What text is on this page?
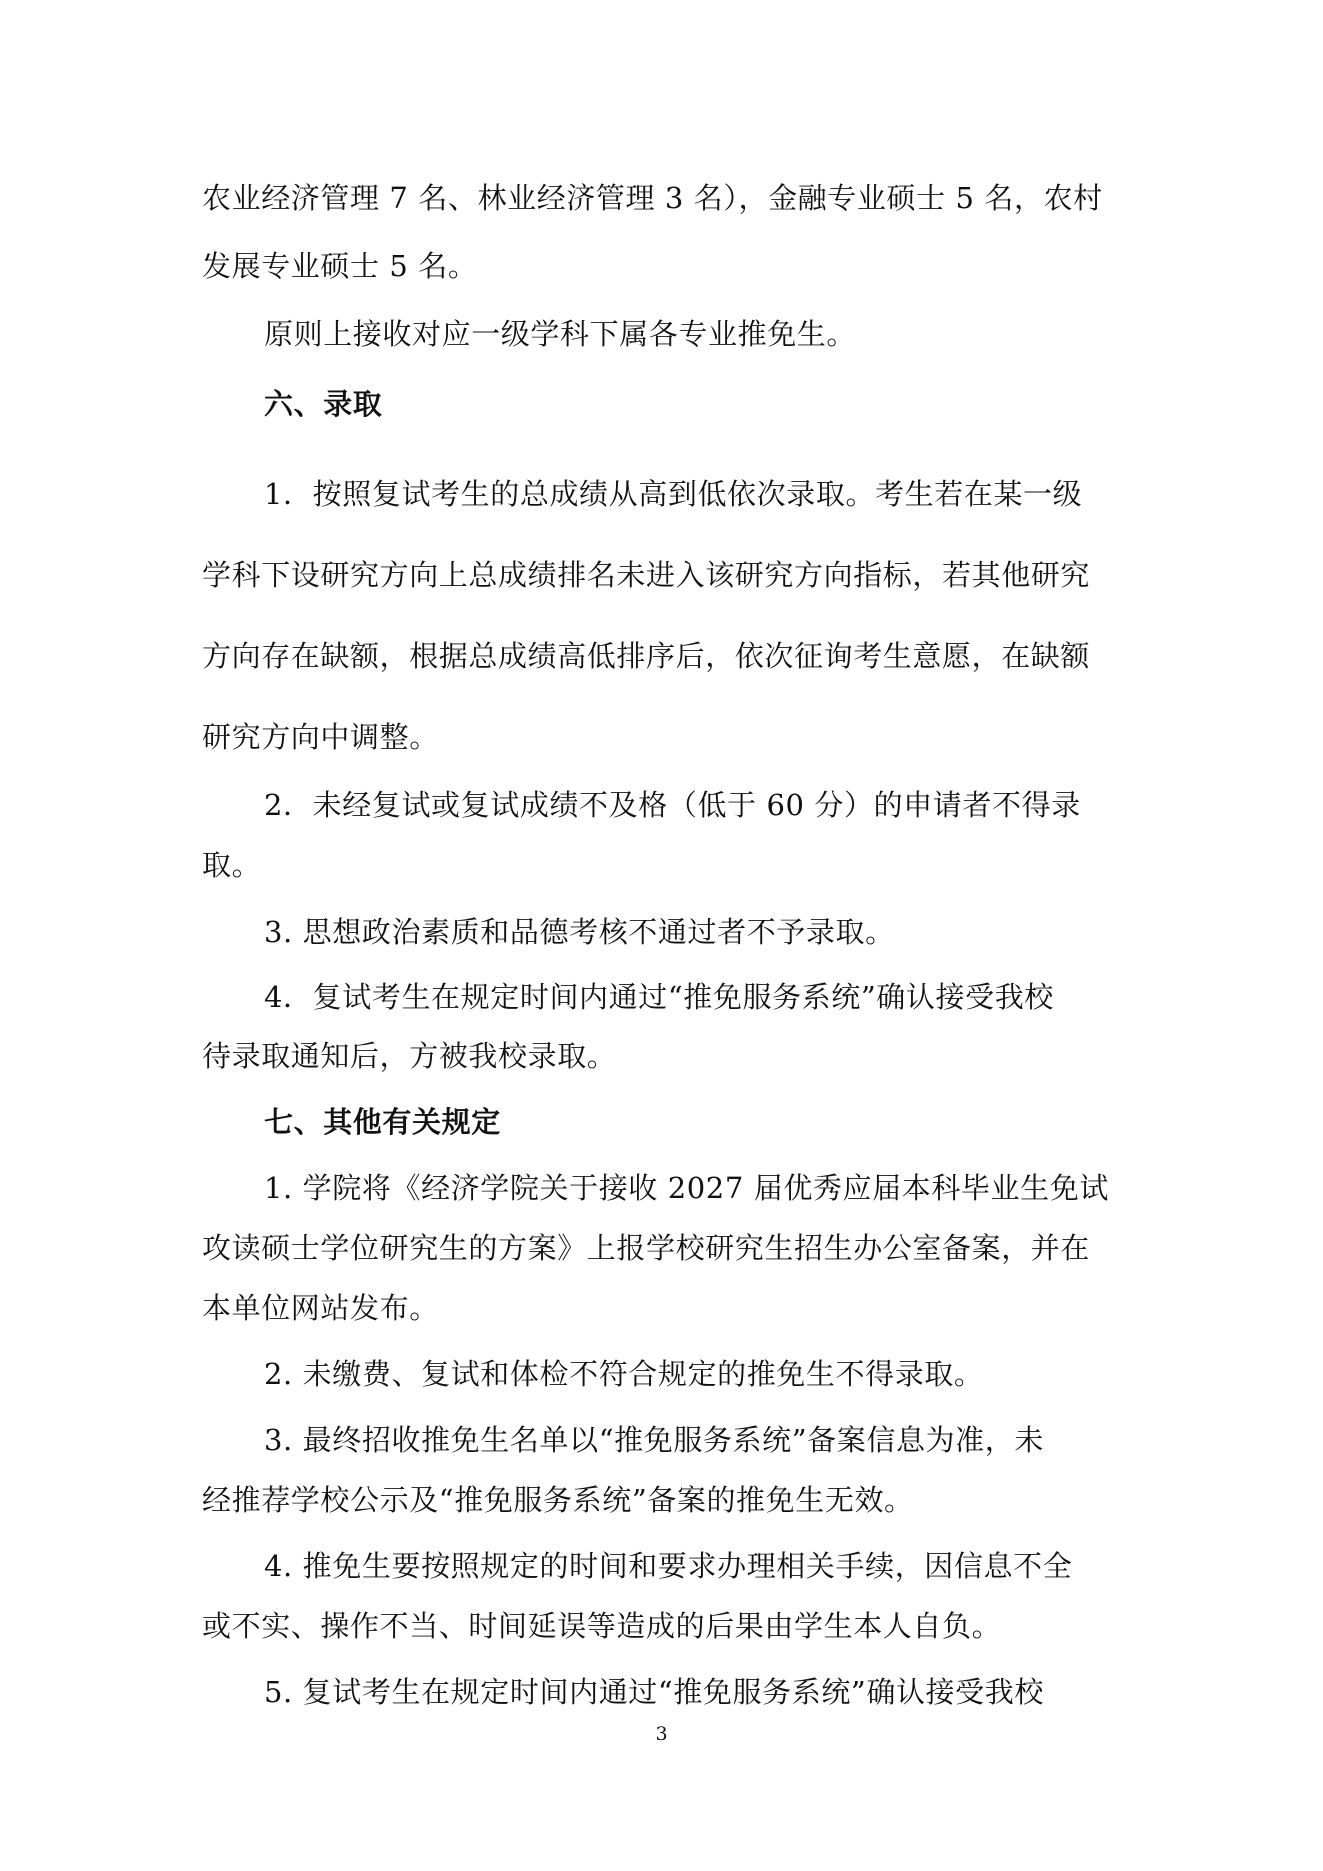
农业经济管理 7 名、林业经济管理 3 名），金融专业硕士 5 名，农村
发展专业硕士 5 名。
原则上接收对应一级学科下属各专业推免生。
六、录取
1．按照复试考生的总成绩从高到低依次录取。考生若在某一级
学科下设研究方向上总成绩排名未进入该研究方向指标，若其他研究
方向存在缺额，根据总成绩高低排序后，依次征询考生意愿，在缺额
研究方向中调整。
2．未经复试或复试成绩不及格（低于 60 分）的申请者不得录
取。
3. 思想政治素质和品德考核不通过者不予录取。
4．复试考生在规定时间内通过“推免服务系统”确认接受我校
待录取通知后，方被我校录取。
七、其他有关规定
1. 学院将《经济学院关于接收 2027 届优秀应届本科毕业生免试
攻读硕士学位研究生的方案》上报学校研究生招生办公室备案，并在
本单位网站发布。
2. 未缴费、复试和体检不符合规定的推免生不得录取。
3. 最终招收推免生名单以“推免服务系统”备案信息为准，未
经推荐学校公示及“推免服务系统”备案的推免生无效。
4. 推免生要按照规定的时间和要求办理相关手续，因信息不全
或不实、操作不当、时间延误等造成的后果由学生本人自负。
5. 复试考生在规定时间内通过“推免服务系统”确认接受我校
3
